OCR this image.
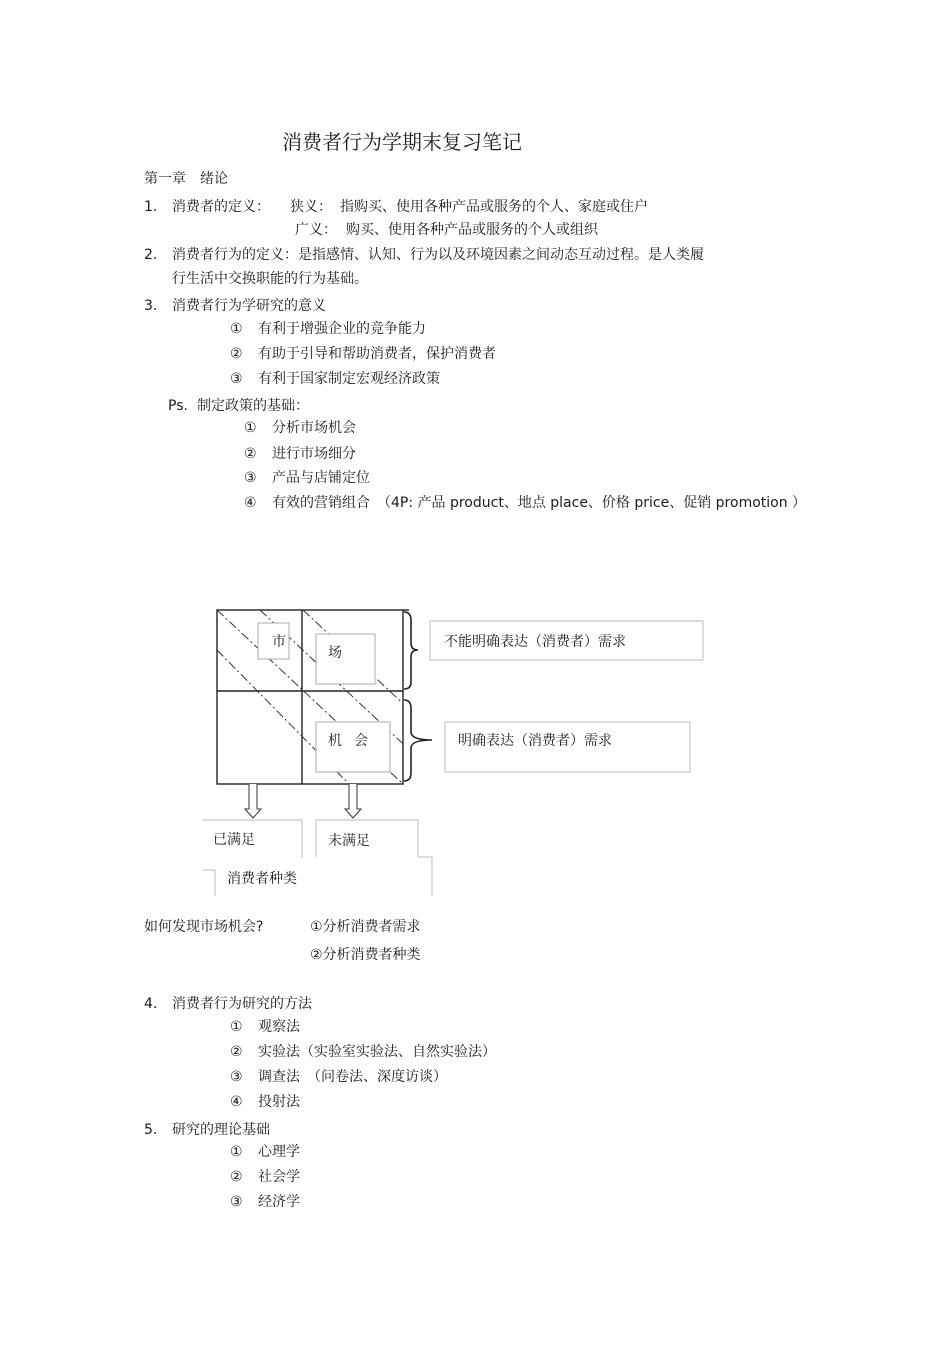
消费者行为学期末复习笔记
第一章　绪论
1. 消费者的定义： 狭义： 指购买、使用各种产品或服务的个人、家庭或住户
广义： 购买、使用各种产品或服务的个人或组织
2. 消费者行为的定义：是指感情、认知、行为以及环境因素之间动态互动过程。是人类履
行生活中交换职能的行为基础。
3. 消费者行为学研究的意义
① 有利于增强企业的竞争能力
② 有助于引导和帮助消费者，保护消费者
③ 有利于国家制定宏观经济政策
Ps. 制定政策的基础：
① 分析市场机会
② 进行市场细分
③ 产品与店铺定位
④ 有效的营销组合　（4P: 产品 product、地点 place、价格 price、促销 promotion ）
市
场
机 会
不能明确表达（消费者）需求
明确表达（消费者）需求
已满足	未满足
消费者种类
如何发现市场机会?	①分析消费者需求
②分析消费者种类
4. 消费者行为研究的方法
① 观察法
② 实验法（实验室实验法、自然实验法）
③ 调查法　（问卷法、深度访谈）
④ 投射法
5. 研究的理论基础
① 心理学
② 社会学
③ 经济学
